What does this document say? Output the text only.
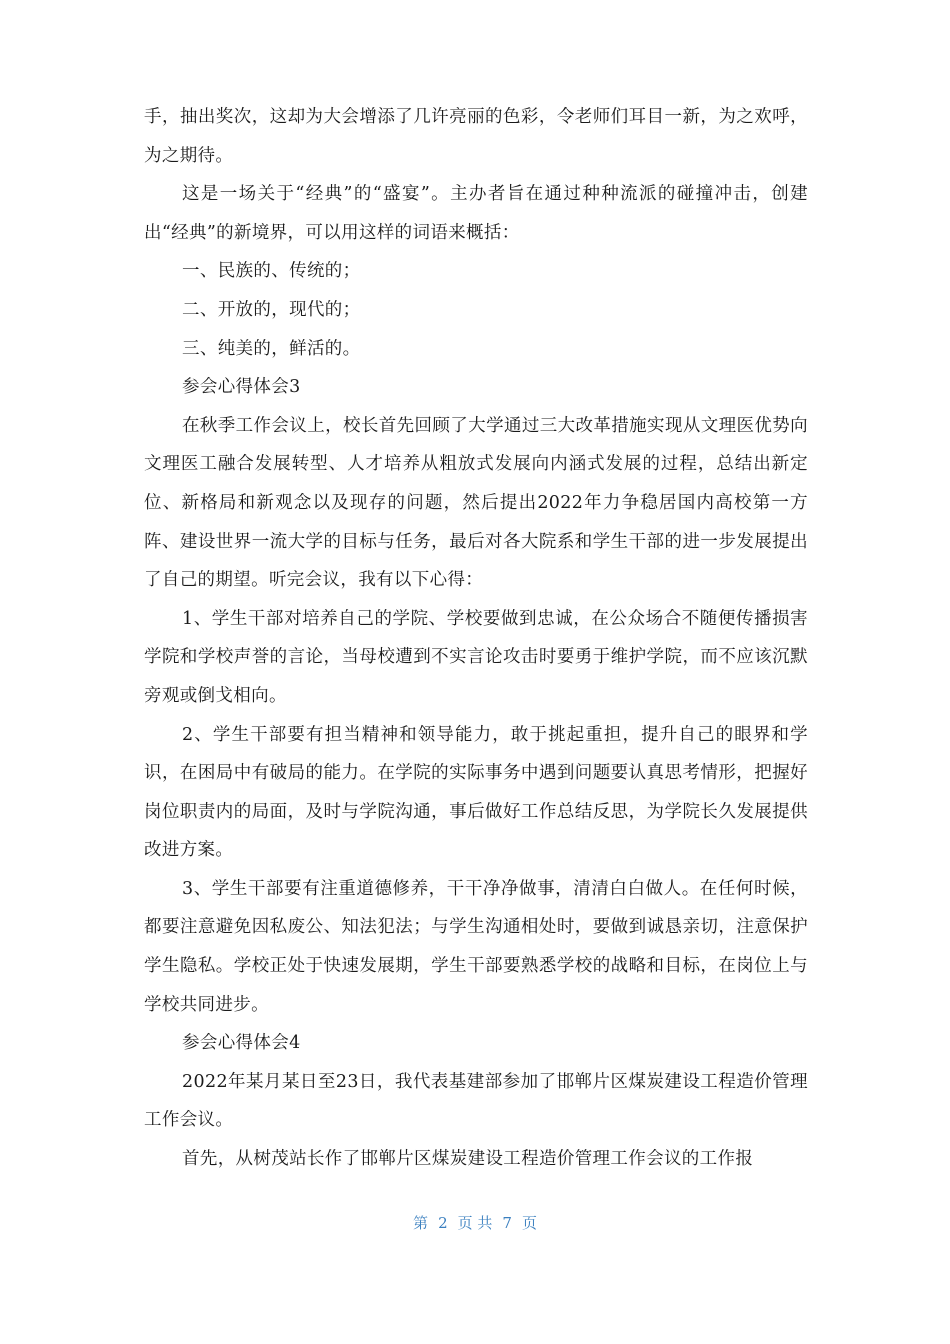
手，抽出奖次，这却为大会增添了几许亮丽的色彩，令老师们耳目一新，为之欢呼，为之期待。

这是一场关于“经典”的“盛宴”。主办者旨在通过种种流派的碰撞冲击，创建出“经典”的新境界，可以用这样的词语来概括：

一、民族的、传统的；

二、开放的，现代的；

三、纯美的，鲜活的。

参会心得体会3

在秋季工作会议上，校长首先回顾了大学通过三大改革措施实现从文理医优势向文理医工融合发展转型、人才培养从粗放式发展向内涵式发展的过程，总结出新定位、新格局和新观念以及现存的问题，然后提出2022年力争稳居国内高校第一方阵、建设世界一流大学的目标与任务，最后对各大院系和学生干部的进一步发展提出了自己的期望。听完会议，我有以下心得：

1、学生干部对培养自己的学院、学校要做到忠诚，在公众场合不随便传播损害学院和学校声誉的言论，当母校遭到不实言论攻击时要勇于维护学院，而不应该沉默旁观或倒戈相向。

2、学生干部要有担当精神和领导能力，敢于挑起重担，提升自己的眼界和学识，在困局中有破局的能力。在学院的实际事务中遇到问题要认真思考情形，把握好岗位职责内的局面，及时与学院沟通，事后做好工作总结反思，为学院长久发展提供改进方案。

3、学生干部要有注重道德修养，干干净净做事，清清白白做人。在任何时候，都要注意避免因私废公、知法犯法；与学生沟通相处时，要做到诚恳亲切，注意保护学生隐私。学校正处于快速发展期，学生干部要熟悉学校的战略和目标，在岗位上与学校共同进步。

参会心得体会4

2022年某月某日至23日，我代表基建部参加了邯郸片区煤炭建设工程造价管理工作会议。

首先，从树茂站长作了邯郸片区煤炭建设工程造价管理工作会议的工作报

第 2 页 共 7 页
